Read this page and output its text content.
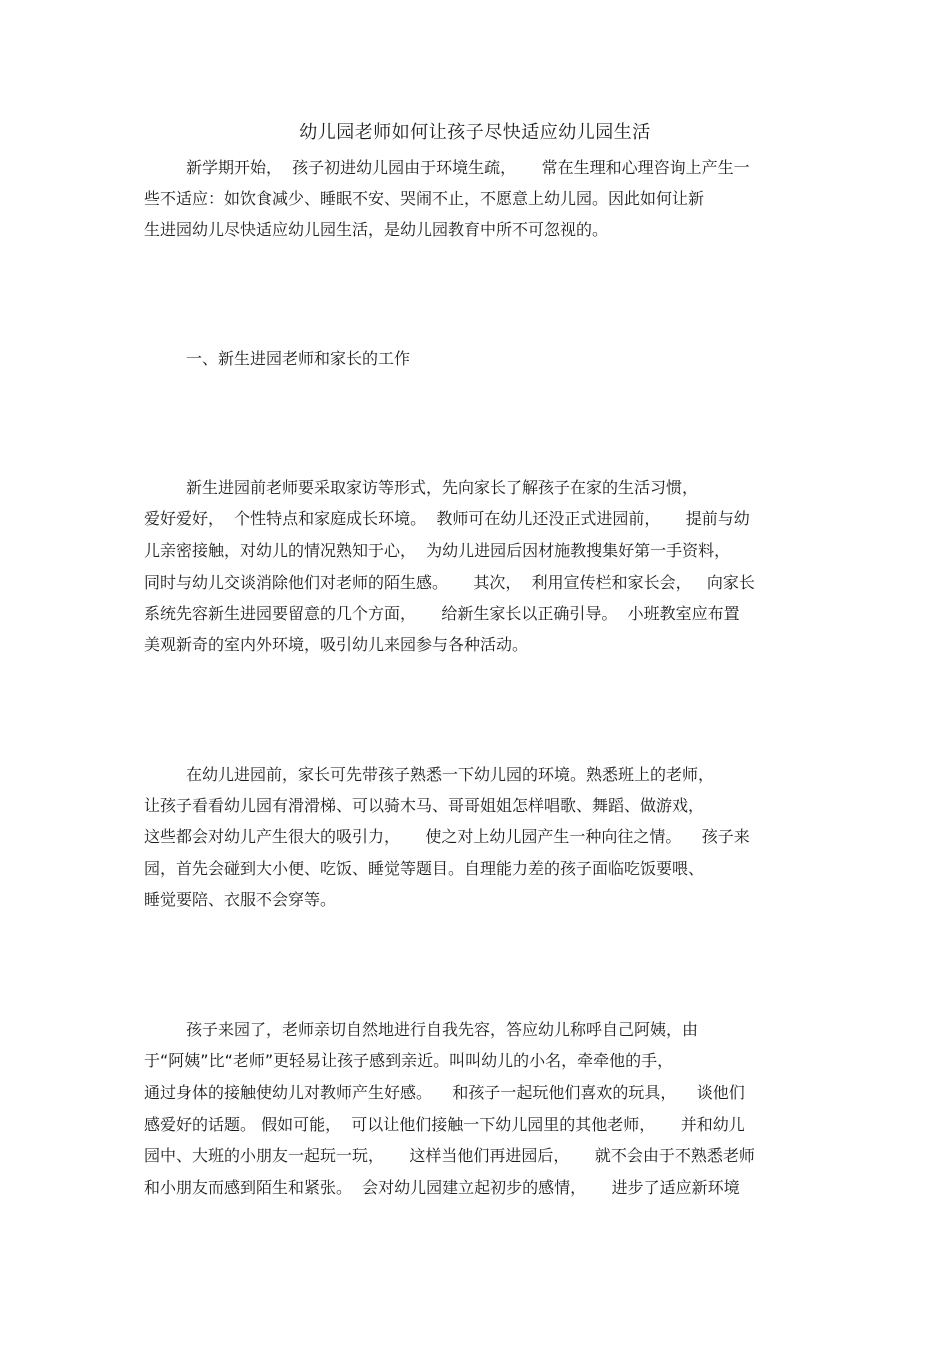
幼儿园老师如何让孩子尽快适应幼儿园生活
新学期开始，  孩子初进幼儿园由于环境生疏，     常在生理和心理咨询上产生一
些不适应：如饮食减少、睡眠不安、哭闹不止，不愿意上幼儿园。因此如何让新
生进园幼儿尽快适应幼儿园生活，是幼儿园教育中所不可忽视的。
一、新生进园老师和家长的工作
新生进园前老师要采取家访等形式，先向家长了解孩子在家的生活习惯，
爱好爱好，  个性特点和家庭成长环境。  教师可在幼儿还没正式进园前，     提前与幼
儿亲密接触，对幼儿的情况熟知于心，  为幼儿进园后因材施教搜集好第一手资料，
同时与幼儿交谈消除他们对老师的陌生感。     其次，  利用宣传栏和家长会，   向家长
系统先容新生进园要留意的几个方面，     给新生家长以正确引导。  小班教室应布置
美观新奇的室内外环境，吸引幼儿来园参与各种活动。
在幼儿进园前，家长可先带孩子熟悉一下幼儿园的环境。熟悉班上的老师，
让孩子看看幼儿园有滑滑梯、可以骑木马、哥哥姐姐怎样唱歌、舞蹈、做游戏，
这些都会对幼儿产生很大的吸引力，     使之对上幼儿园产生一种向往之情。    孩子来
园，首先会碰到大小便、吃饭、睡觉等题目。自理能力差的孩子面临吃饭要喂、
睡觉要陪、衣服不会穿等。
孩子来园了，老师亲切自然地进行自我先容，答应幼儿称呼自己阿姨，由
于“阿姨”比“老师”更轻易让孩子感到亲近。叫叫幼儿的小名，牵牵他的手，
通过身体的接触使幼儿对教师产生好感。    和孩子一起玩他们喜欢的玩具，    谈他们
感爱好的话题。 假如可能，  可以让他们接触一下幼儿园里的其他老师，     并和幼儿
园中、大班的小朋友一起玩一玩，     这样当他们再进园后，     就不会由于不熟悉老师
和小朋友而感到陌生和紧张。  会对幼儿园建立起初步的感情，     进步了适应新环境
